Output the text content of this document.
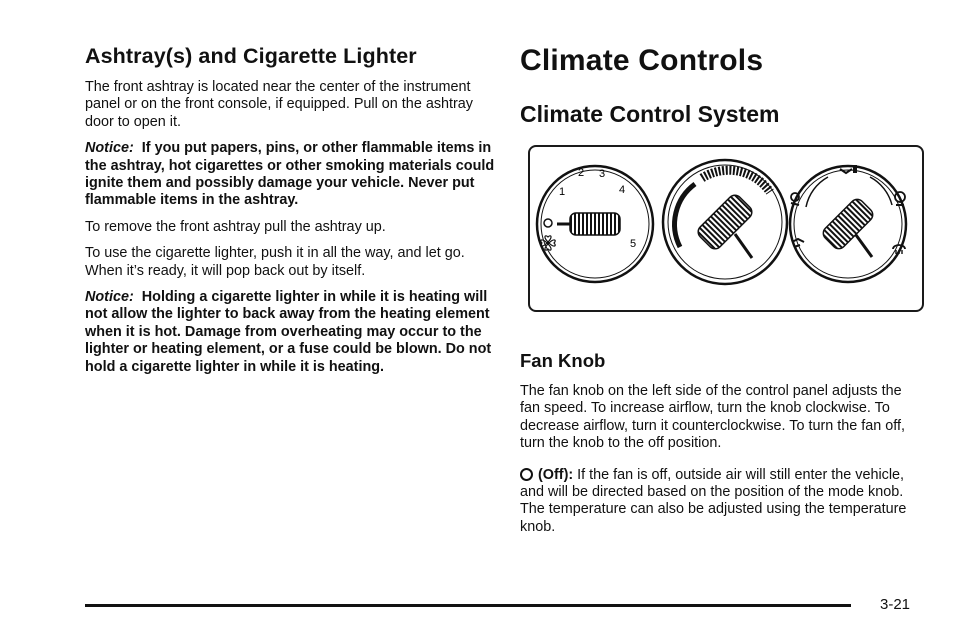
Ashtray(s) and Cigarette Lighter

The front ashtray is located near the center of the instrument panel or on the front console, if equipped. Pull on the ashtray door to open it.

Notice: If you put papers, pins, or other flammable items in the ashtray, hot cigarettes or other smoking materials could ignite them and possibly damage your vehicle. Never put flammable items in the ashtray.

To remove the front ashtray pull the ashtray up.

To use the cigarette lighter, push it in all the way, and let go. When it’s ready, it will pop back out by itself.

Notice: Holding a cigarette lighter in while it is heating will not allow the lighter to back away from the heating element when it is hot. Damage from overheating may occur to the lighter or heating element, or a fuse could be blown. Do not hold a cigarette lighter in while it is heating.

Climate Controls
Climate Control System
1
2 3
4
5
Fan Knob

The fan knob on the left side of the control panel adjusts the fan speed. To increase airflow, turn the knob clockwise. To decrease airflow, turn it counterclockwise. To turn the fan off, turn the knob to the off position.

(Off): If the fan is off, outside air will still enter the vehicle, and will be directed based on the position of the mode knob. The temperature can also be adjusted using the temperature knob.

3-21
